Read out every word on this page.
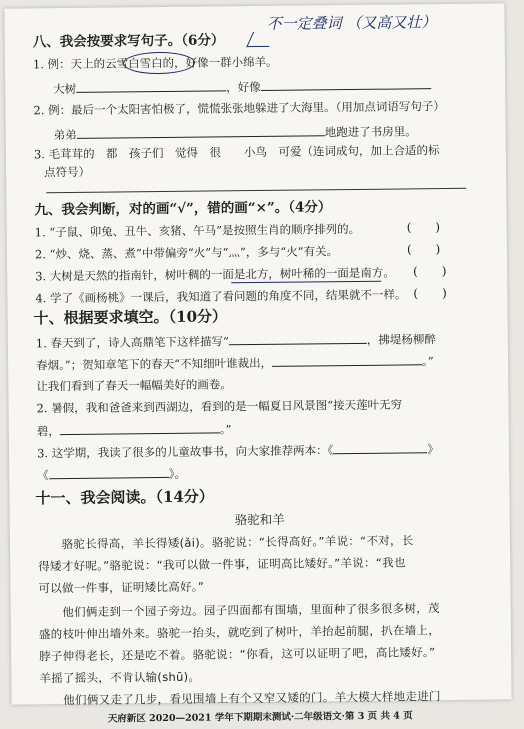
八、我会按要求写句子。（6分）
不一定叠词 （又高又壮）
1. 例：天上的云雪白雪白的，好像一群小绵羊。
大树	，好像
2. 例：最后一个太阳害怕极了，慌慌张张地躲进了大海里。（用加点词语写句子）
弟弟	地跑进了书房里。
3. 毛茸茸的　都　孩子们　觉得　很　　小鸟　可爱（连词成句，加上合适的标
点符号）
九、我会判断，对的画“√”，错的画“×”。（4分）
1. “子鼠、卯兔、丑牛、亥猪、午马”是按照生肖的顺序排列的。	(　　)
2. “炒、烧、蒸、煮”中带偏旁“火”与“灬”，多与“火”有关。	(　　)
3. 大树是天然的指南针，树叶稠的一面是北方，树叶稀的一面是南方。 (　　)
4. 学了《画杨桃》一课后，我知道了看问题的角度不同，结果就不一样。 (　　)
十、根据要求填空。（10分）
1. 春天到了，诗人高鼎笔下这样描写“	，拂堤杨柳醉
春烟。”；贺知章笔下的春天“不知细叶谁裁出，	。”
让我们看到了春天一幅幅美好的画卷。
2. 暑假，我和爸爸来到西湖边，看到的是一幅夏日风景图“接天莲叶无穷
碧，	。”
3. 这学期，我读了很多的儿童故事书，向大家推荐两本：《	》
《	》。
十一、我会阅读。（14分）
骆驼和羊
　　骆驼长得高，羊长得矮(ǎi)。骆驼说：“长得高好。”羊说：“不对，长
得矮才好呢。”骆驼说：“我可以做一件事，证明高比矮好。”羊说：“我也
可以做一件事，证明矮比高好。”
　　他们俩走到一个园子旁边。园子四面都有围墙，里面种了很多很多树，茂
盛的枝叶伸出墙外来。骆驼一抬头，就吃到了树叶，羊抬起前腿，扒在墙上，
脖子伸得老长，还是吃不着。骆驼说：“你看，这可以证明了吧，高比矮好。”
羊摇了摇头，不肯认输(shū)。
　　他们俩又走了几步，看见围墙上有个又窄又矮的门。羊大模大样地走进门
天府新区 2020—2021 学年下期期末测试·二年级语文·第 3 页 共 4 页
